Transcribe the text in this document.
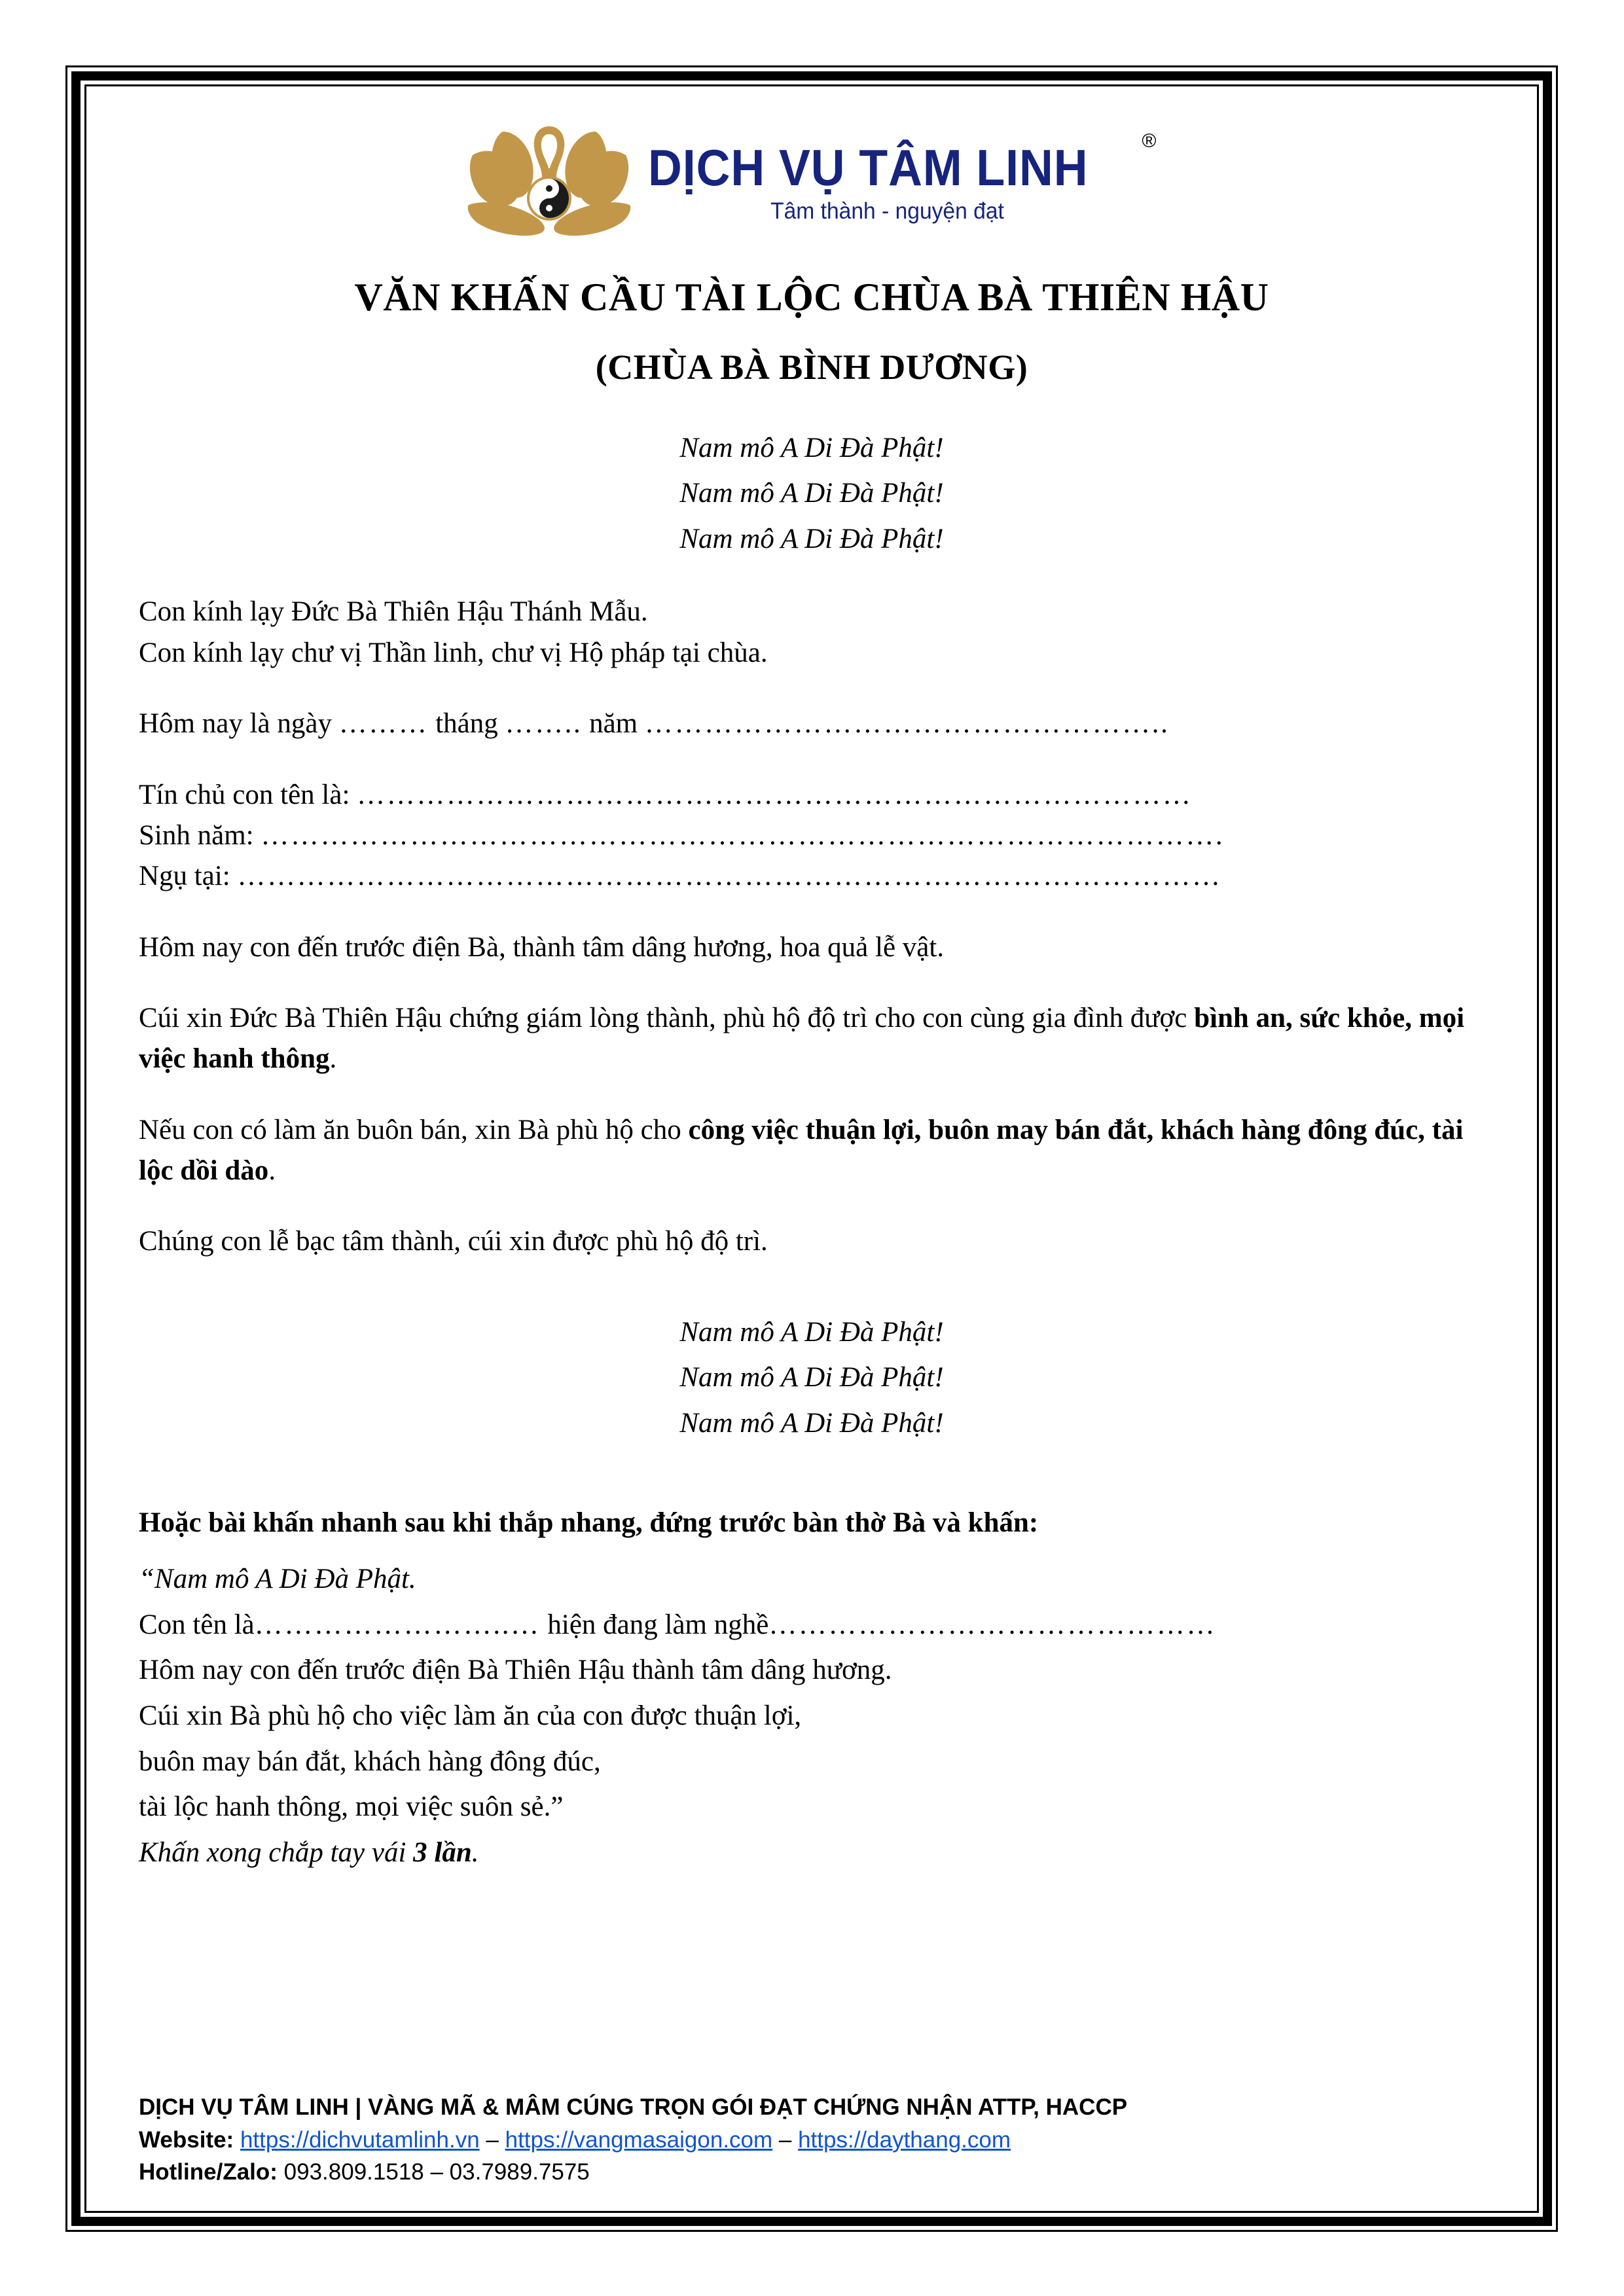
DỊCH VỤ TÂM LINH
Tâm thành - nguyện đạt
®
VĂN KHẤN CẦU TÀI LỘC CHÙA BÀ THIÊN HẬU
(CHÙA BÀ BÌNH DƯƠNG)
Nam mô A Di Đà Phật!
Nam mô A Di Đà Phật!
Nam mô A Di Đà Phật!

Con kính lạy Đức Bà Thiên Hậu Thánh Mẫu.

Con kính lạy chư vị Thần linh, chư vị Hộ pháp tại chùa.

Hôm nay là ngày ……… tháng …….. năm ……………………………………………..

Tín chủ con tên là: …………………………………………………………………………

Sinh năm: …………………………………………………………………………………….

Ngụ tại: ………………………………………………………………………………………

Hôm nay con đến trước điện Bà, thành tâm dâng hương, hoa quả lễ vật.

Cúi xin Đức Bà Thiên Hậu chứng giám lòng thành, phù hộ độ trì cho con cùng gia đình được bình an, sức khỏe, mọi việc hanh thông.

Nếu con có làm ăn buôn bán, xin Bà phù hộ cho công việc thuận lợi, buôn may bán đắt, khách hàng đông đúc, tài lộc dồi dào.

Chúng con lễ bạc tâm thành, cúi xin được phù hộ độ trì.

Nam mô A Di Đà Phật!
Nam mô A Di Đà Phật!
Nam mô A Di Đà Phật!

Hoặc bài khấn nhanh sau khi thắp nhang, đứng trước bàn thờ Bà và khấn:

“Nam mô A Di Đà Phật.

Con tên là……………………..… hiện đang làm nghề………………………………………

Hôm nay con đến trước điện Bà Thiên Hậu thành tâm dâng hương.

Cúi xin Bà phù hộ cho việc làm ăn của con được thuận lợi,

buôn may bán đắt, khách hàng đông đúc,

tài lộc hanh thông, mọi việc suôn sẻ.”

Khấn xong chắp tay vái 3 lần.

DỊCH VỤ TÂM LINH | VÀNG MÃ & MÂM CÚNG TRỌN GÓI ĐẠT CHỨNG NHẬN ATTP, HACCP
Website: https://dichvutamlinh.vn – https://vangmasaigon.com – https://daythang.com
Hotline/Zalo: 093.809.1518 – 03.7989.7575
